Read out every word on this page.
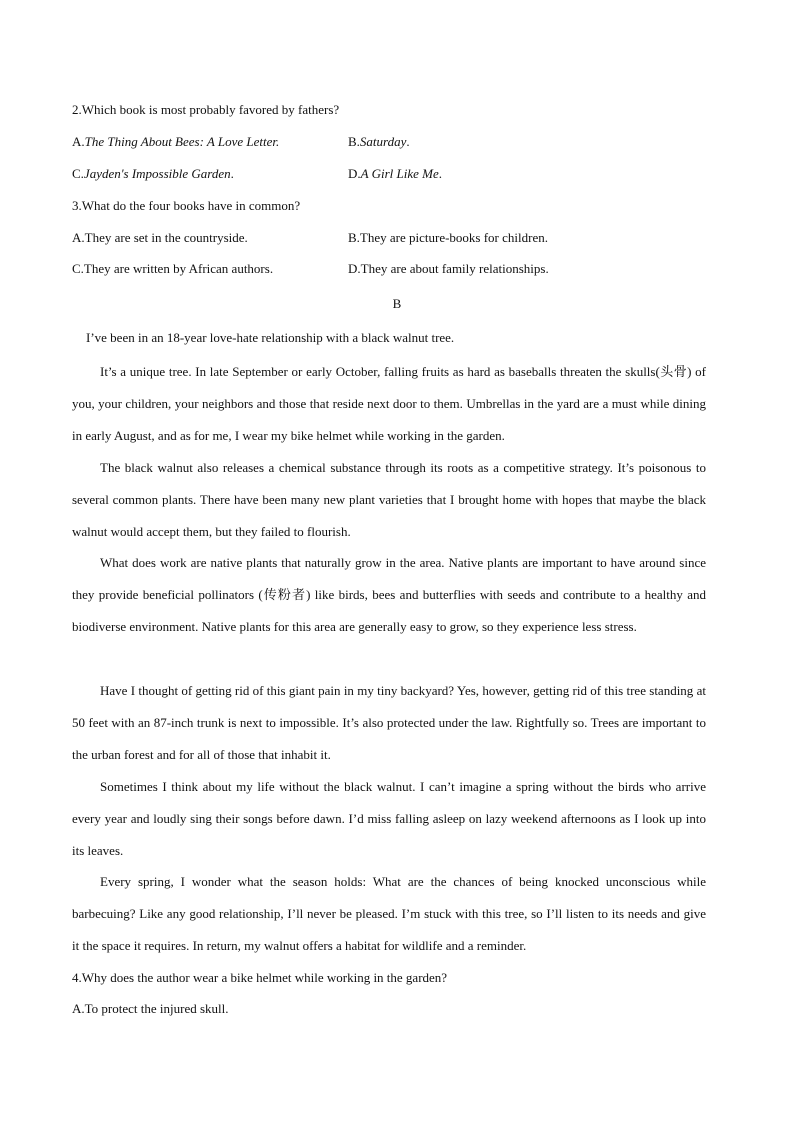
2.Which book is most probably favored by fathers?
A.The Thing About Bees: A Love Letter.	B.Saturday.
C.Jayden's Impossible Garden.	D.A Girl Like Me.
3.What do the four books have in common?
A.They are set in the countryside.	B.They are picture-books for children.
C.They are written by African authors.	D.They are about family relationships.
B
I’ve been in an 18-year love-hate relationship with a black walnut tree.
It’s a unique tree. In late September or early October, falling fruits as hard as baseballs threaten the skulls(头骨) of you, your children, your neighbors and those that reside next door to them. Umbrellas in the yard are a must while dining in early August, and as for me, I wear my bike helmet while working in the garden.
The black walnut also releases a chemical substance through its roots as a competitive strategy. It’s poisonous to several common plants. There have been many new plant varieties that I brought home with hopes that maybe the black walnut would accept them, but they failed to flourish.
What does work are native plants that naturally grow in the area. Native plants are important to have around since they provide beneficial pollinators (传粉者) like birds, bees and butterflies with seeds and contribute to a healthy and biodiverse environment. Native plants for this area are generally easy to grow, so they experience less stress.
Have I thought of getting rid of this giant pain in my tiny backyard? Yes, however, getting rid of this tree standing at 50 feet with an 87-inch trunk is next to impossible. It’s also protected under the law. Rightfully so. Trees are important to the urban forest and for all of those that inhabit it.
Sometimes I think about my life without the black walnut. I can’t imagine a spring without the birds who arrive every year and loudly sing their songs before dawn. I’d miss falling asleep on lazy weekend afternoons as I look up into its leaves.
Every spring, I wonder what the season holds: What are the chances of being knocked unconscious while barbecuing? Like any good relationship, I’ll never be pleased. I’m stuck with this tree, so I’ll listen to its needs and give it the space it requires. In return, my walnut offers a habitat for wildlife and a reminder.
4.Why does the author wear a bike helmet while working in the garden?
A.To protect the injured skull.
